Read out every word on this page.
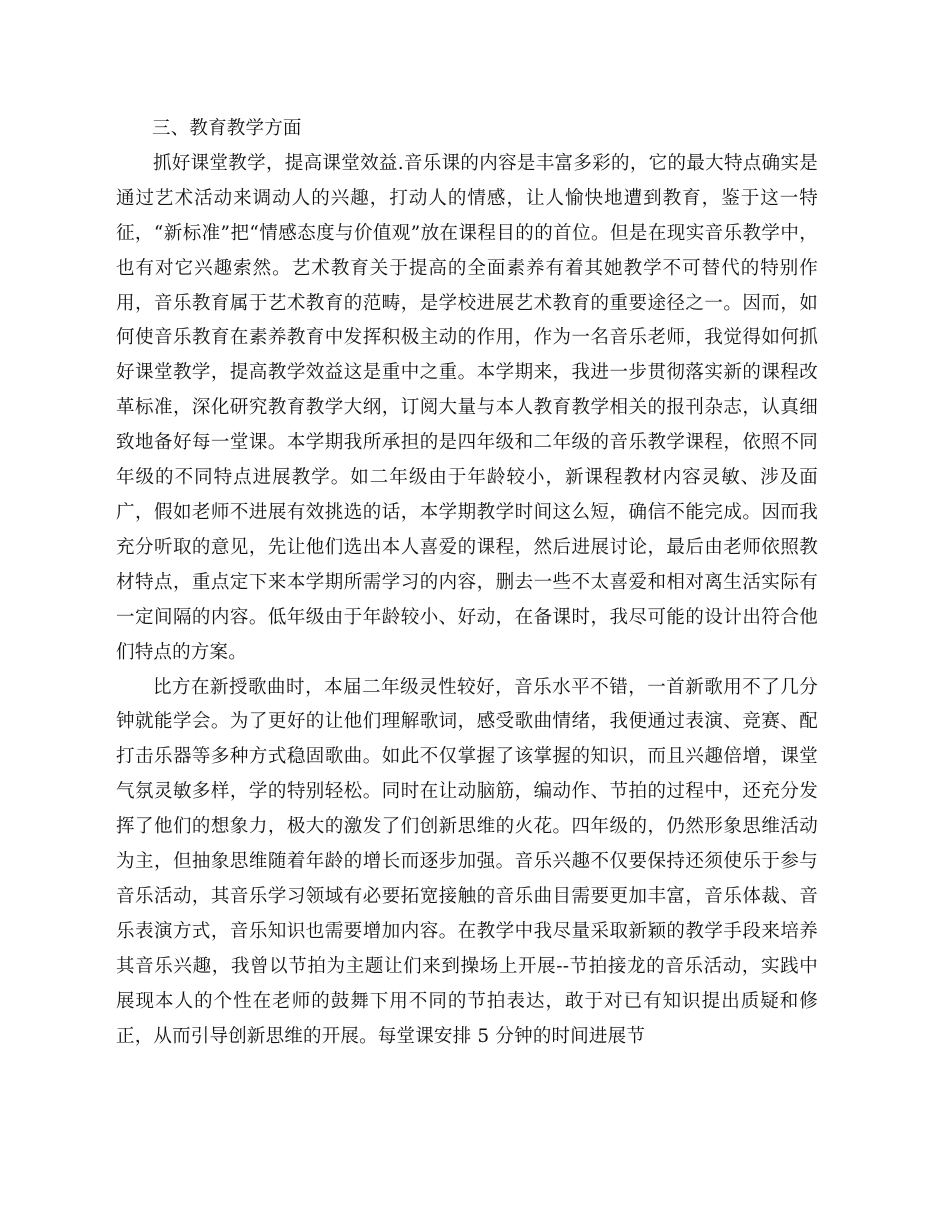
三、教育教学方面

抓好课堂教学，提高课堂效益.音乐课的内容是丰富多彩的，它的最大特点确实是通过艺术活动来调动人的兴趣，打动人的情感，让人愉快地遭到教育，鉴于这一特征，“新标准”把“情感态度与价值观”放在课程目的的首位。但是在现实音乐教学中，也有对它兴趣索然。艺术教育关于提高的全面素养有着其她教学不可替代的特别作用，音乐教育属于艺术教育的范畴，是学校进展艺术教育的重要途径之一。因而，如何使音乐教育在素养教育中发挥积极主动的作用，作为一名音乐老师，我觉得如何抓好课堂教学，提高教学效益这是重中之重。本学期来，我进一步贯彻落实新的课程改革标准，深化研究教育教学大纲，订阅大量与本人教育教学相关的报刊杂志，认真细致地备好每一堂课。本学期我所承担的是四年级和二年级的音乐教学课程，依照不同年级的不同特点进展教学。如二年级由于年龄较小，新课程教材内容灵敏、涉及面广，假如老师不进展有效挑选的话，本学期教学时间这么短，确信不能完成。因而我充分听取的意见，先让他们选出本人喜爱的课程，然后进展讨论，最后由老师依照教材特点，重点定下来本学期所需学习的内容，删去一些不太喜爱和相对离生活实际有一定间隔的内容。低年级由于年龄较小、好动，在备课时，我尽可能的设计出符合他们特点的方案。

比方在新授歌曲时，本届二年级灵性较好，音乐水平不错，一首新歌用不了几分钟就能学会。为了更好的让他们理解歌词，感受歌曲情绪，我便通过表演、竞赛、配打击乐器等多种方式稳固歌曲。如此不仅掌握了该掌握的知识，而且兴趣倍增，课堂气氛灵敏多样，学的特别轻松。同时在让动脑筋，编动作、节拍的过程中，还充分发挥了他们的想象力，极大的激发了们创新思维的火花。四年级的，仍然形象思维活动为主，但抽象思维随着年龄的增长而逐步加强。音乐兴趣不仅要保持还须使乐于参与音乐活动，其音乐学习领域有必要拓宽接触的音乐曲目需要更加丰富，音乐体裁、音乐表演方式，音乐知识也需要增加内容。在教学中我尽量采取新颖的教学手段来培养其音乐兴趣，我曾以节拍为主题让们来到操场上开展--节拍接龙的音乐活动，实践中展现本人的个性在老师的鼓舞下用不同的节拍表达，敢于对已有知识提出质疑和修正，从而引导创新思维的开展。每堂课安排 5 分钟的时间进展节
